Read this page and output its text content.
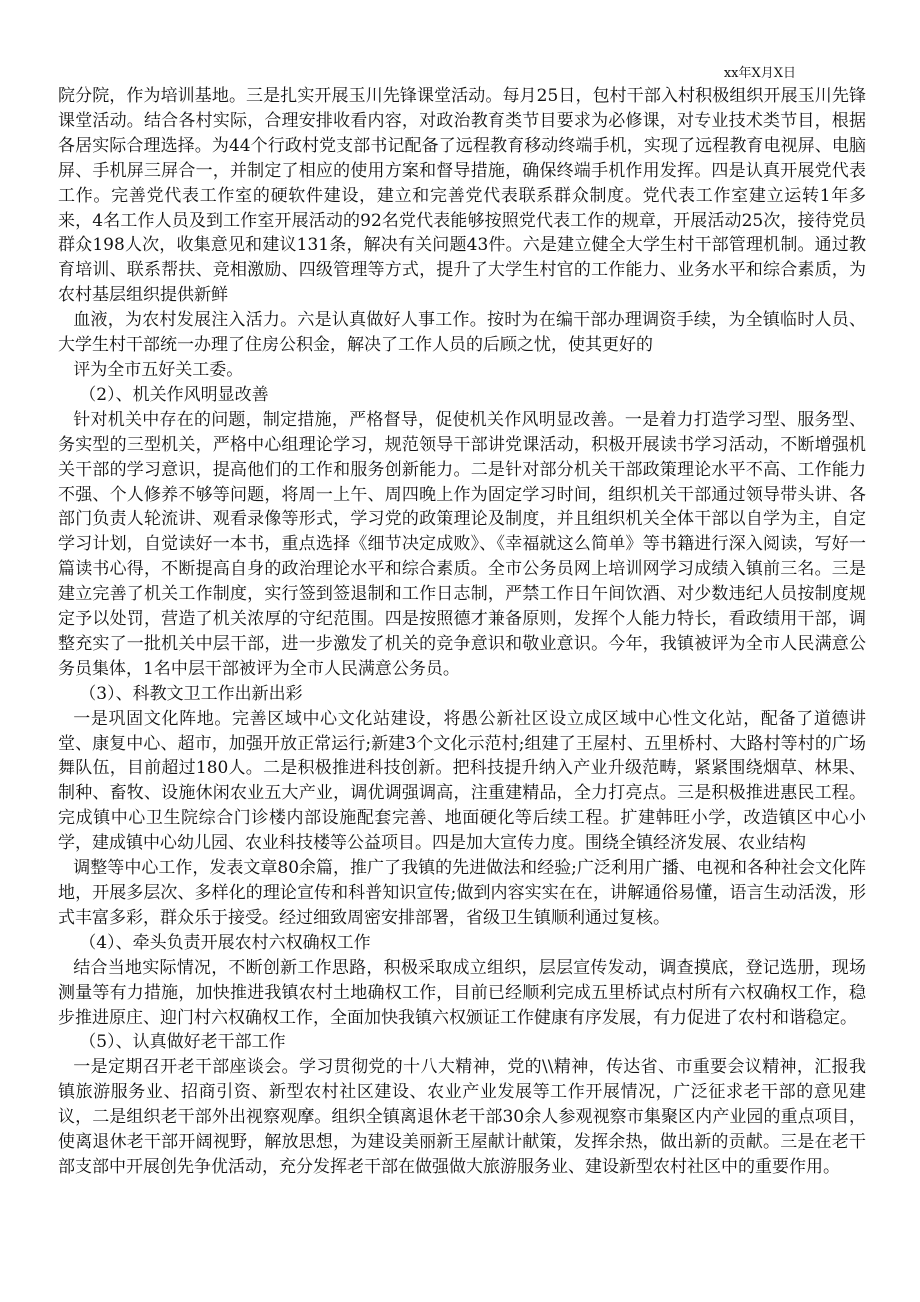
xx年X月X日

院分院，作为培训基地。三是扎实开展玉川先锋课堂活动。每月25日，包村干部入村积极组织开展玉川先锋课堂活动。结合各村实际，合理安排收看内容，对政治教育类节目要求为必修课，对专业技术类节目，根据各居实际合理选择。为44个行政村党支部书记配备了远程教育移动终端手机，实现了远程教育电视屏、电脑屏、手机屏三屏合一，并制定了相应的使用方案和督导措施，确保终端手机作用发挥。四是认真开展党代表工作。完善党代表工作室的硬软件建设，建立和完善党代表联系群众制度。党代表工作室建立运转1年多来，4名工作人员及到工作室开展活动的92名党代表能够按照党代表工作的规章，开展活动25次，接待党员群众198人次，收集意见和建议131条，解决有关问题43件。六是建立健全大学生村干部管理机制。通过教育培训、联系帮扶、竞相激励、四级管理等方式，提升了大学生村官的工作能力、业务水平和综合素质，为农村基层组织提供新鲜

血液，为农村发展注入活力。六是认真做好人事工作。按时为在编干部办理调资手续，为全镇临时人员、大学生村干部统一办理了住房公积金，解决了工作人员的后顾之忧，使其更好的

评为全市五好关工委。

（2）、机关作风明显改善

针对机关中存在的问题，制定措施，严格督导，促使机关作风明显改善。一是着力打造学习型、服务型、务实型的三型机关，严格中心组理论学习，规范领导干部讲党课活动，积极开展读书学习活动，不断增强机关干部的学习意识，提高他们的工作和服务创新能力。二是针对部分机关干部政策理论水平不高、工作能力不强、个人修养不够等问题，将周一上午、周四晚上作为固定学习时间，组织机关干部通过领导带头讲、各部门负责人轮流讲、观看录像等形式，学习党的政策理论及制度，并且组织机关全体干部以自学为主，自定学习计划，自觉读好一本书，重点选择《细节决定成败》、《幸福就这么简单》等书籍进行深入阅读，写好一篇读书心得，不断提高自身的政治理论水平和综合素质。全市公务员网上培训网学习成绩入镇前三名。三是建立完善了机关工作制度，实行签到签退制和工作日志制，严禁工作日午间饮酒、对少数违纪人员按制度规定予以处罚，营造了机关浓厚的守纪范围。四是按照德才兼备原则，发挥个人能力特长，看政绩用干部，调整充实了一批机关中层干部，进一步激发了机关的竞争意识和敬业意识。今年，我镇被评为全市人民满意公务员集体，1名中层干部被评为全市人民满意公务员。

（3）、科教文卫工作出新出彩

一是巩固文化阵地。完善区域中心文化站建设，将愚公新社区设立成区域中心性文化站，配备了道德讲堂、康复中心、超市，加强开放正常运行;新建3个文化示范村;组建了王屋村、五里桥村、大路村等村的广场舞队伍，目前超过180人。二是积极推进科技创新。把科技提升纳入产业升级范畴，紧紧围绕烟草、林果、制种、畜牧、设施休闲农业五大产业，调优调强调高，注重建精品，全力打亮点。三是积极推进惠民工程。完成镇中心卫生院综合门诊楼内部设施配套完善、地面硬化等后续工程。扩建韩旺小学，改造镇区中心小学，建成镇中心幼儿园、农业科技楼等公益项目。四是加大宣传力度。围绕全镇经济发展、农业结构

调整等中心工作，发表文章80余篇，推广了我镇的先进做法和经验;广泛利用广播、电视和各种社会文化阵地，开展多层次、多样化的理论宣传和科普知识宣传;做到内容实实在在，讲解通俗易懂，语言生动活泼，形式丰富多彩，群众乐于接受。经过细致周密安排部署，省级卫生镇顺利通过复核。

（4）、牵头负责开展农村六权确权工作

结合当地实际情况，不断创新工作思路，积极采取成立组织，层层宣传发动，调查摸底，登记选册，现场测量等有力措施，加快推进我镇农村土地确权工作，目前已经顺利完成五里桥试点村所有六权确权工作，稳步推进原庄、迎门村六权确权工作，全面加快我镇六权颁证工作健康有序发展，有力促进了农村和谐稳定。

（5）、认真做好老干部工作

一是定期召开老干部座谈会。学习贯彻党的十八大精神，党的\\精神，传达省、市重要会议精神，汇报我镇旅游服务业、招商引资、新型农村社区建设、农业产业发展等工作开展情况，广泛征求老干部的意见建议，二是组织老干部外出视察观摩。组织全镇离退休老干部30余人参观视察市集聚区内产业园的重点项目，使离退休老干部开阔视野，解放思想，为建设美丽新王屋献计献策，发挥余热，做出新的贡献。三是在老干部支部中开展创先争优活动，充分发挥老干部在做强做大旅游服务业、建设新型农村社区中的重要作用。
